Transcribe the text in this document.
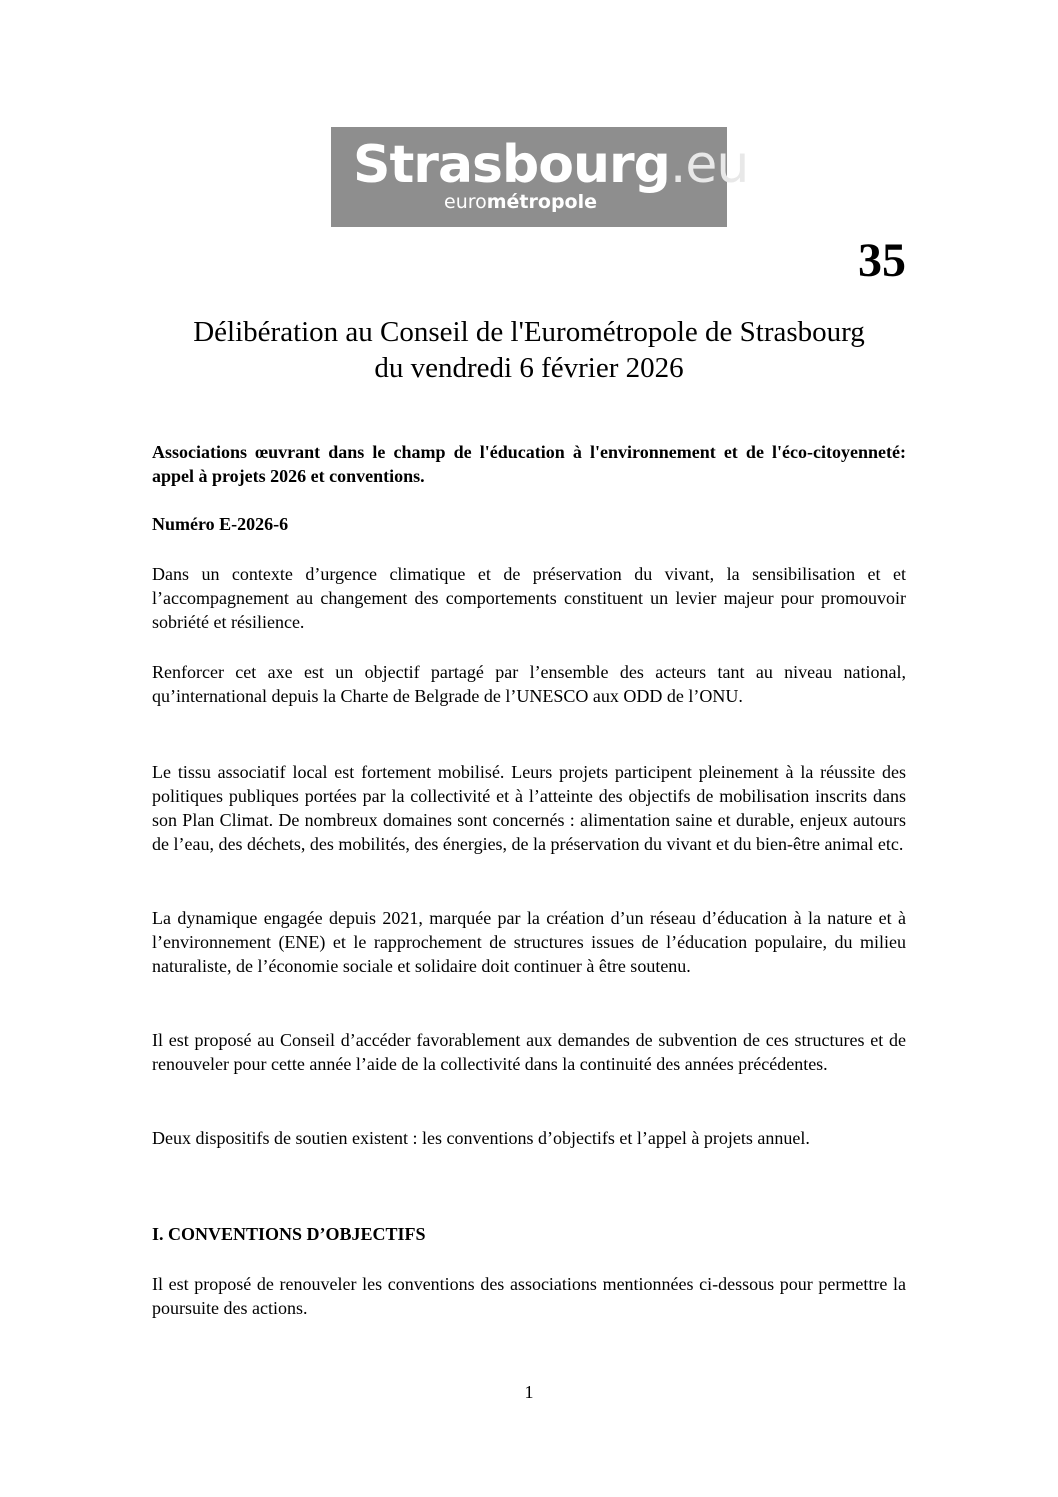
Strasbourg.eu
eurométropole
35
Délibération au Conseil de l'Eurométropole de Strasbourg
du vendredi 6 février 2026

Associations œuvrant dans le champ de l'éducation à l'environnement et de l'éco-citoyenneté: appel à projets 2026 et conventions.

Numéro E-2026-6

Dans un contexte d’urgence climatique et de préservation du vivant, la sensibilisation et et l’accompagnement au changement des comportements constituent un levier majeur pour promouvoir sobriété et résilience.

Renforcer cet axe est un objectif partagé par l’ensemble des acteurs tant au niveau national, qu’international depuis la Charte de Belgrade de l’UNESCO aux ODD de l’ONU.

Le tissu associatif local est fortement mobilisé. Leurs projets participent pleinement à la réussite des politiques publiques portées par la collectivité et à l’atteinte des objectifs de mobilisation inscrits dans son Plan Climat. De nombreux domaines sont concernés : alimentation saine et durable, enjeux autours de l’eau, des déchets, des mobilités, des énergies, de la préservation du vivant et du bien-être animal etc.

La dynamique engagée depuis 2021, marquée par la création d’un réseau d’éducation à la nature et à l’environnement (ENE) et le rapprochement de structures issues de l’éducation populaire, du milieu naturaliste, de l’économie sociale et solidaire doit continuer à être soutenu.

Il est proposé au Conseil d’accéder favorablement aux demandes de subvention de ces structures et de renouveler pour cette année l’aide de la collectivité dans la continuité des années précédentes.

Deux dispositifs de soutien existent : les conventions d’objectifs et l’appel à projets annuel.

I. CONVENTIONS D’OBJECTIFS

Il est proposé de renouveler les conventions des associations mentionnées ci-dessous pour permettre la poursuite des actions.

1
